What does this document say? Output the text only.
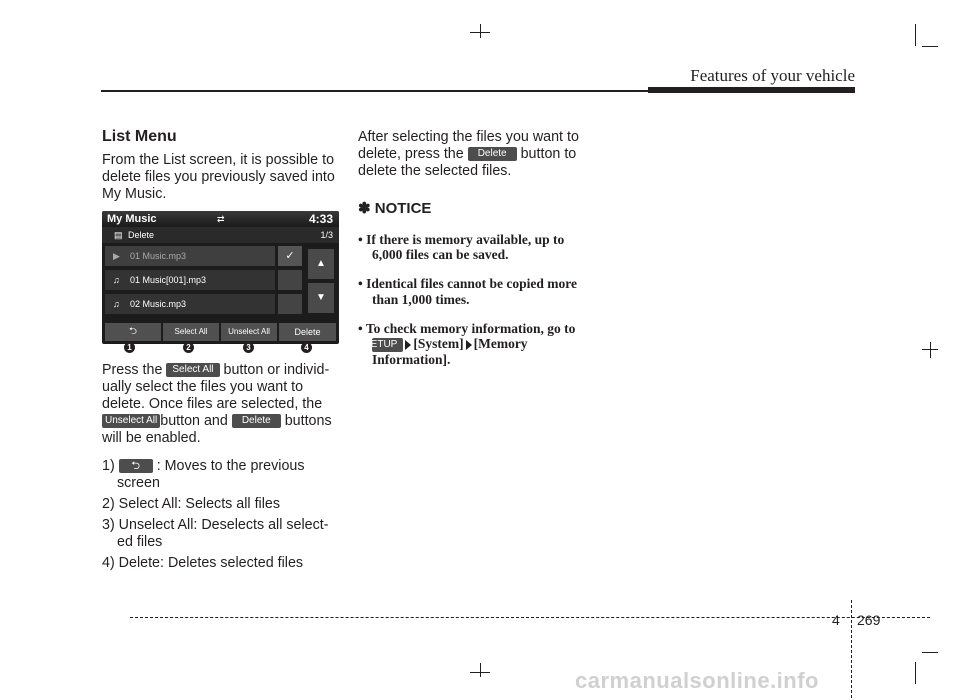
Features of your vehicle
List Menu

From the List screen, it is possible to delete files you previously saved into My Music.

My Music	⇄	4:33
▤ Delete	1/3
▶ 01 Music.mp3	✓
♫ 01 Music[001].mp3
♫ 02 Music.mp3
▲
▼
⮌	Select All	Unselect All	Delete
1	2	3	4

Press the Select All button or individ-ually select the files you want to delete. Once files are selected, the Unselect All button and Delete buttons will be enabled.

1) ⮌ : Moves to the previous screen

2) Select All: Selects all files

3) Unselect All: Deselects all select-ed files

4) Delete: Deletes selected files

After selecting the files you want to delete, press the Delete button to delete the selected files.

✽ NOTICE

• If there is memory available, up to 6,000 files can be saved.

• Identical files cannot be copied more than 1,000 times.

• To check memory information, go to SETUP [System] [Memory Information].

4 269
carmanualsonline.info
